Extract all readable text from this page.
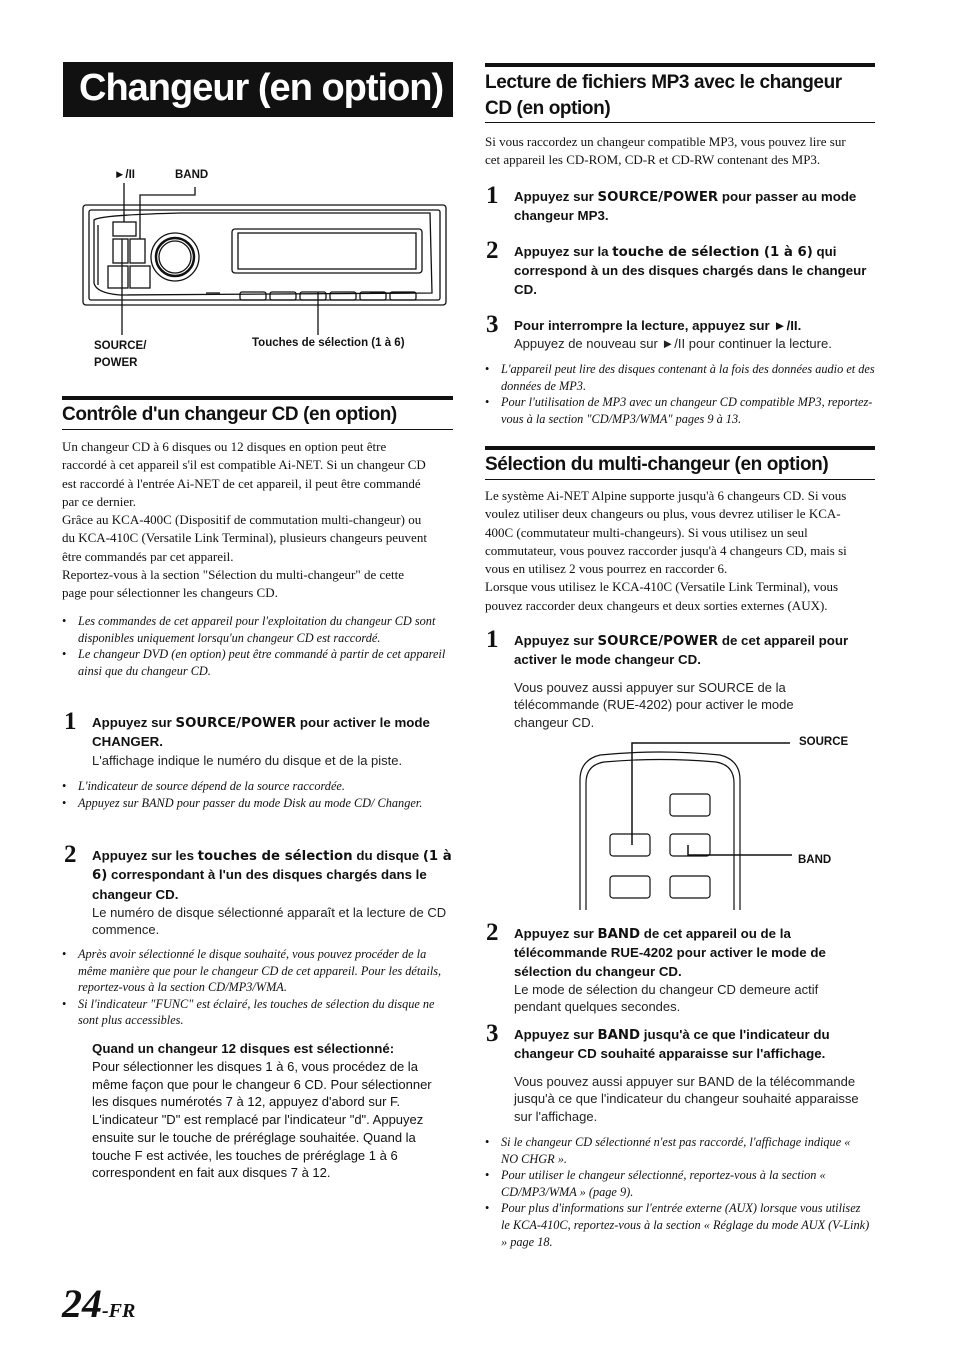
Changeur (en option)
►/II	BAND
SOURCE/
POWER
Touches de sélection (1 à 6)
Contrôle d'un changeur CD (en option)

Un changeur CD à 6 disques ou 12 disques en option peut être

raccordé à cet appareil s'il est compatible Ai-NET. Si un changeur CD

est raccordé à l'entrée Ai-NET de cet appareil, il peut être commandé

par ce dernier.

Grâce au KCA-400C (Dispositif de commutation multi-changeur) ou

du KCA-410C (Versatile Link Terminal), plusieurs changeurs peuvent

être commandés par cet appareil.

Reportez-vous à la section "Sélection du multi-changeur" de cette

page pour sélectionner les changeurs CD.

• Les commandes de cet appareil pour l'exploitation du changeur CD sont disponibles uniquement lorsqu'un changeur CD est raccordé.
• Le changeur DVD (en option) peut être commandé à partir de cet appareil ainsi que du changeur CD.
1 Appuyez sur SOURCE/POWER pour activer le mode CHANGER.
L'affichage indique le numéro du disque et de la piste.
• L'indicateur de source dépend de la source raccordée.
• Appuyez sur BAND pour passer du mode Disk au mode CD/ Changer.
2 Appuyez sur les touches de sélection du disque (1 à 6) correspondant à l'un des disques chargés dans le changeur CD.
Le numéro de disque sélectionné apparaît et la lecture de CD commence.
• Après avoir sélectionné le disque souhaité, vous pouvez procéder de la même manière que pour le changeur CD de cet appareil. Pour les détails, reportez-vous à la section CD/MP3/WMA.
• Si l'indicateur "FUNC" est éclairé, les touches de sélection du disque ne sont plus accessibles.
Quand un changeur 12 disques est sélectionné:
Pour sélectionner les disques 1 à 6, vous procédez de la même façon que pour le changeur 6 CD. Pour sélectionner les disques numérotés 7 à 12, appuyez d'abord sur F. L'indicateur "D" est remplacé par l'indicateur "d". Appuyez ensuite sur le touche de préréglage souhaitée. Quand la touche F est activée, les touches de préréglage 1 à 6 correspondent en fait aux disques 7 à 12.
24-FR
Lecture de fichiers MP3 avec le changeur
CD (en option)

Si vous raccordez un changeur compatible MP3, vous pouvez lire sur

cet appareil les CD-ROM, CD-R et CD-RW contenant des MP3.

1 Appuyez sur SOURCE/POWER pour passer au mode changeur MP3.
2 Appuyez sur la touche de sélection (1 à 6) qui correspond à un des disques chargés dans le changeur CD.
3 Pour interrompre la lecture, appuyez sur ►/II.
Appuyez de nouveau sur ►/II pour continuer la lecture.
• L'appareil peut lire des disques contenant à la fois des données audio et des données de MP3.
• Pour l'utilisation de MP3 avec un changeur CD compatible MP3, reportez-vous à la section "CD/MP3/WMA" pages 9 à 13.
Sélection du multi-changeur (en option)

Le système Ai-NET Alpine supporte jusqu'à 6 changeurs CD. Si vous

voulez utiliser deux changeurs ou plus, vous devrez utiliser le KCA-

400C (commutateur multi-changeurs). Si vous utilisez un seul

commutateur, vous pouvez raccorder jusqu'à 4 changeurs CD, mais si

vous en utilisez 2 vous pourrez en raccorder 6.

Lorsque vous utilisez le KCA-410C (Versatile Link Terminal), vous

pouvez raccorder deux changeurs et deux sorties externes (AUX).

1 Appuyez sur SOURCE/POWER de cet appareil pour activer le mode changeur CD.
Vous pouvez aussi appuyer sur SOURCE de la télécommande (RUE-4202) pour activer le mode changeur CD.
SOURCE
BAND
2 Appuyez sur BAND de cet appareil ou de la télécommande RUE-4202 pour activer le mode de sélection du changeur CD.
Le mode de sélection du changeur CD demeure actif pendant quelques secondes.
3 Appuyez sur BAND jusqu'à ce que l'indicateur du changeur CD souhaité apparaisse sur l'affichage.
Vous pouvez aussi appuyer sur BAND de la télécommande jusqu'à ce que l'indicateur du changeur souhaité apparaisse sur l'affichage.
• Si le changeur CD sélectionné n'est pas raccordé, l'affichage indique « NO CHGR ».
• Pour utiliser le changeur sélectionné, reportez-vous à la section « CD/MP3/WMA » (page 9).
• Pour plus d'informations sur l'entrée externe (AUX) lorsque vous utilisez le KCA-410C, reportez-vous à la section « Réglage du mode AUX (V-Link) » page 18.
